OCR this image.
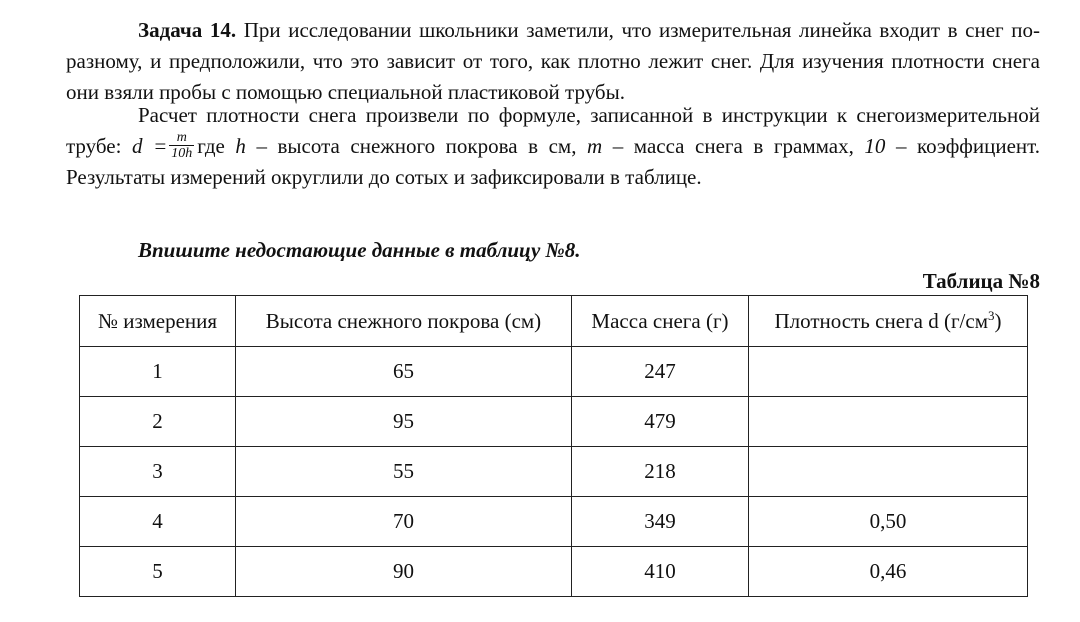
Задача 14. При исследовании школьники заметили, что измерительная линейка входит в снег по-разному, и предположили, что это зависит от того, как плотно лежит снег. Для изучения плотности снега они взяли пробы с помощью специальной пластиковой трубы.

Расчет плотности снега произвели по формуле, записанной в инструкции к снегоизмерительной трубе: $d = \frac{m}{10h}$ где h – высота снежного покрова в см, m – масса снега в граммах, 10 – коэффициент. Результаты измерений округлили до сотых и зафиксировали в таблице.

Впишите недостающие данные в таблицу №8.

Таблица №8

№ измерения	Высота снежного покрова (см)	Масса снега (г)	Плотность снега d $(г/см^3)$
1	65	247	
2	95	479	
3	55	218	
4	70	349	0,50
5	90	410	0,46
